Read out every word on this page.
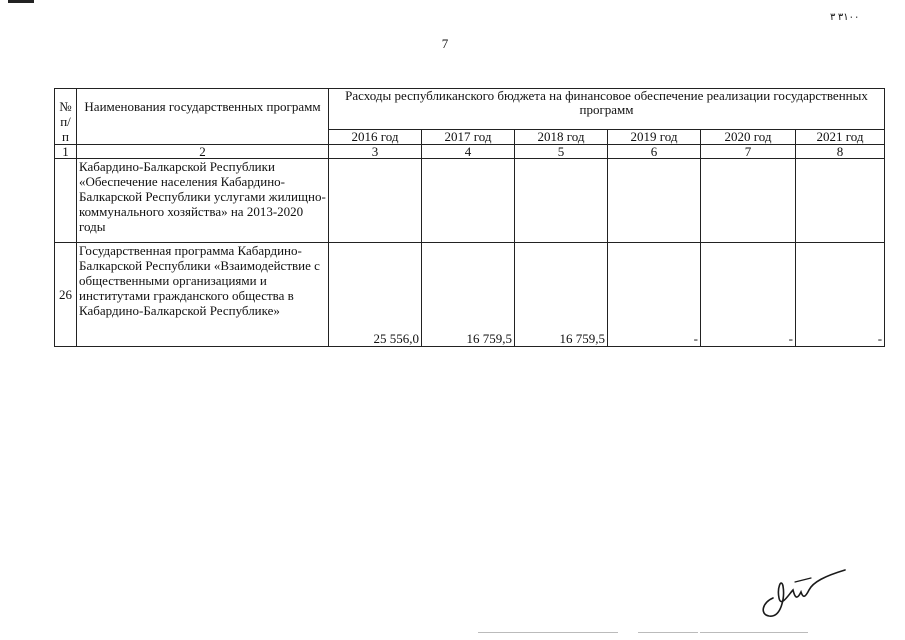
٣١٠٠ ٣
7
№ п/п	Наименования государственных программ	Расходы республиканского бюджета на финансовое обеспечение реализации государственных программ					
		2016 год	2017 год	2018 год	2019 год	2020 год	2021 год
1	2	3	4	5	6	7	8
	Кабардино-Балкарской Республики «Обеспечение населения Кабардино-Балкарской Республики услугами жилищно-коммунального хозяйства» на 2013-2020 годы						
26	Государственная программа Кабардино-Балкарской Республики «Взаимодействие с общественными организациями и институтами гражданского общества в Кабардино-Балкарской Республике»	25 556,0	16 759,5	16 759,5	-	-	-
